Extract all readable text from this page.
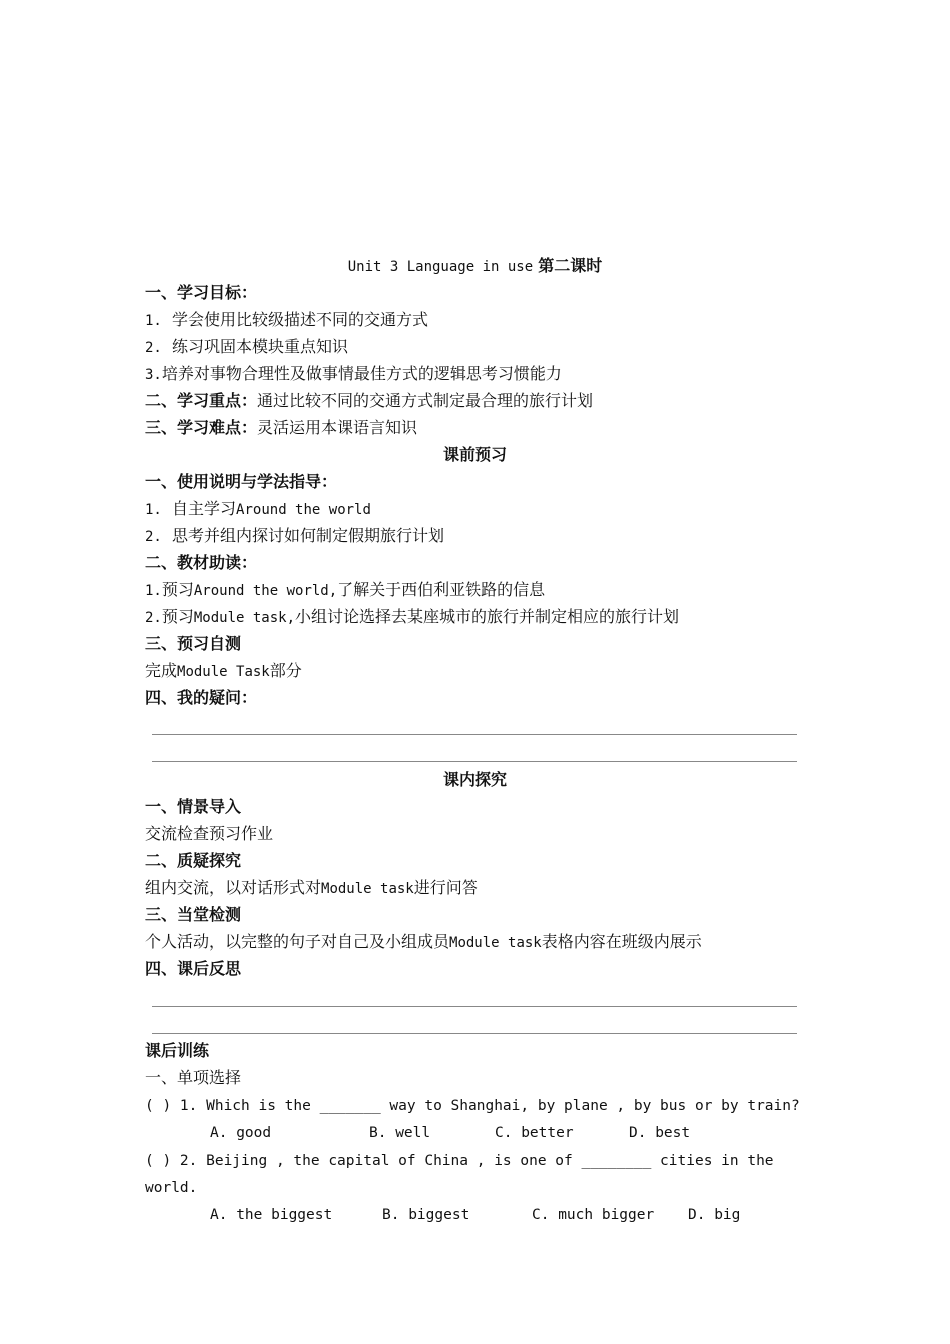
Unit 3 Language in use 第二课时
一、学习目标：
1. 学会使用比较级描述不同的交通方式
2. 练习巩固本模块重点知识
3.培养对事物合理性及做事情最佳方式的逻辑思考习惯能力
二、学习重点：通过比较不同的交通方式制定最合理的旅行计划
三、学习难点：灵活运用本课语言知识
课前预习
一、使用说明与学法指导：
1. 自主学习Around the world
2. 思考并组内探讨如何制定假期旅行计划
二、教材助读：
1.预习Around the world,了解关于西伯利亚铁路的信息
2.预习Module task,小组讨论选择去某座城市的旅行并制定相应的旅行计划
三、预习自测
完成Module Task部分
四、我的疑问：
课内探究
一、情景导入
交流检查预习作业
二、质疑探究
组内交流，以对话形式对Module task进行问答
三、当堂检测
个人活动，以完整的句子对自己及小组成员Module task表格内容在班级内展示
四、课后反思
课后训练
一、单项选择
( ) 1. Which is the _______ way to Shanghai, by plane , by bus or by train?
A. good	B. well	C. better	D. best
( ) 2. Beijing , the capital of China , is one of ________ cities in the
world.
A. the biggest	B. biggest	C. much bigger D. big
